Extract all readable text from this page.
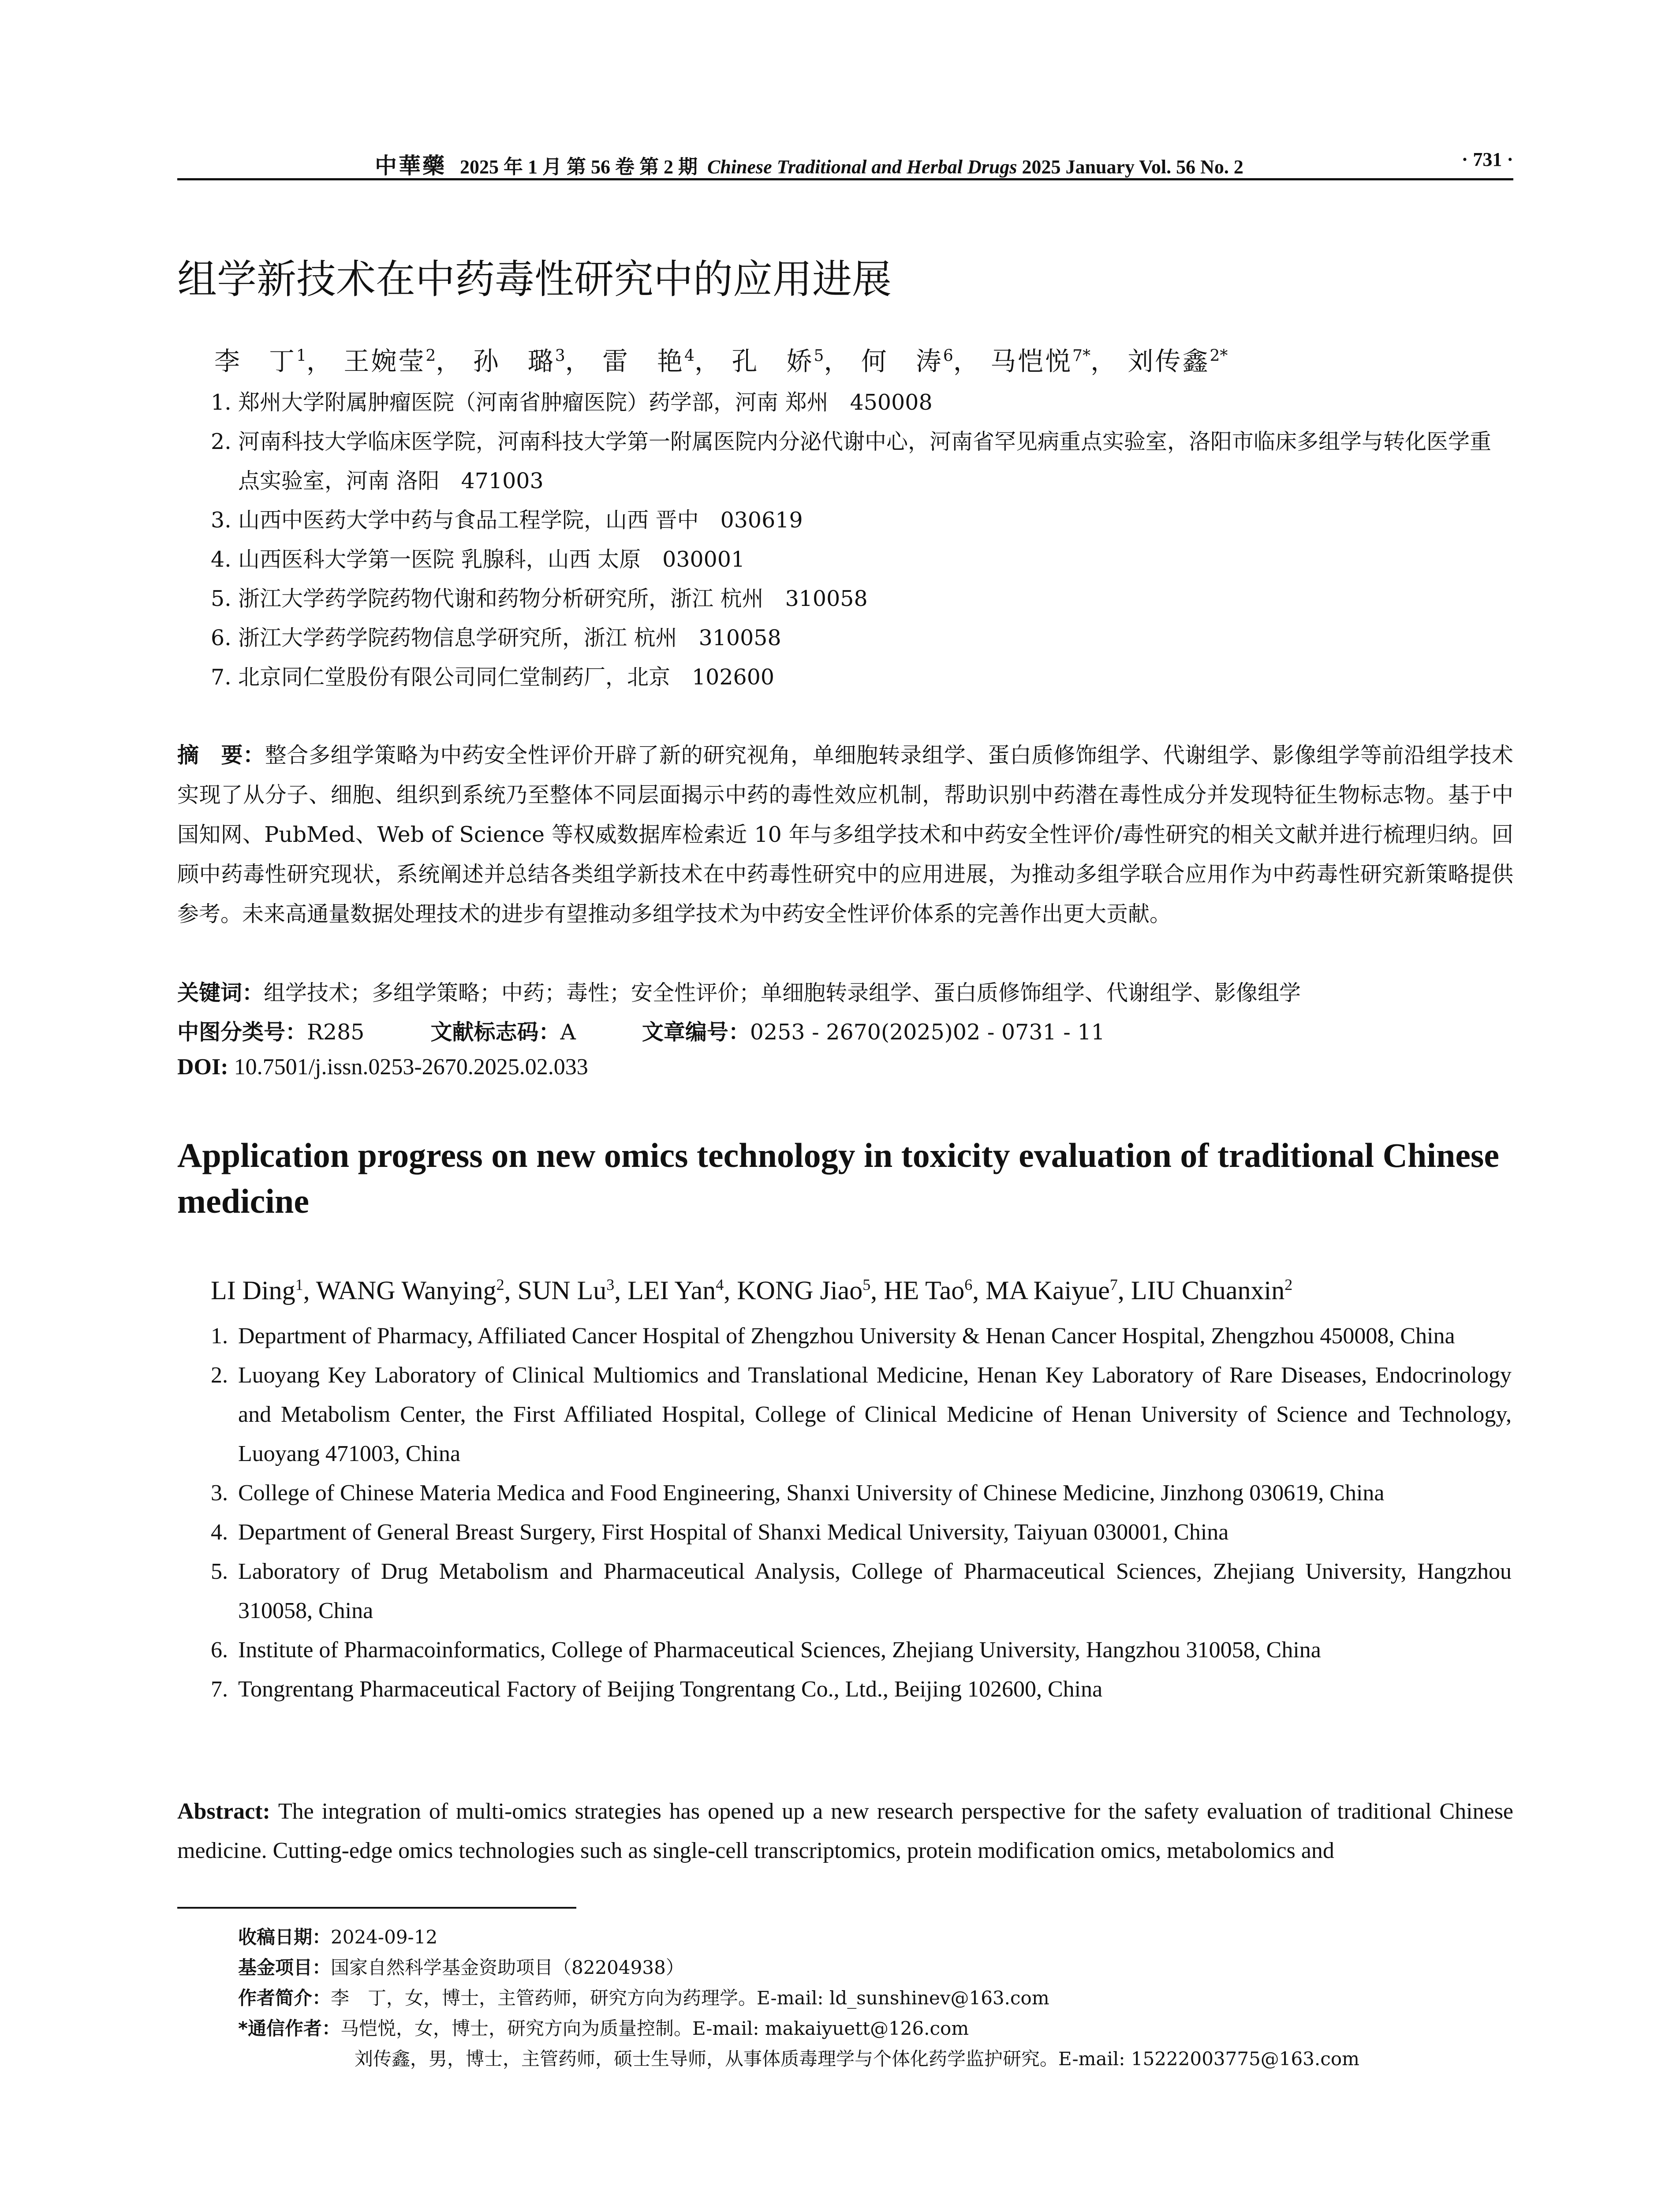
中華藥 2025 年 1 月 第 56 卷 第 2 期 Chinese Traditional and Herbal Drugs 2025 January Vol. 56 No. 2	· 731 ·
组学新技术在中药毒性研究中的应用进展
李　丁$^1$， 王婉莹$^2$， 孙　璐$^3$， 雷　艳$^4$， 孔　娇$^5$， 何　涛$^6$， 马恺悦$^{7*}$， 刘传鑫$^{2*}$
1. 郑州大学附属肿瘤医院（河南省肿瘤医院）药学部，河南 郑州　450008
2. 河南科技大学临床医学院，河南科技大学第一附属医院内分泌代谢中心，河南省罕见病重点实验室，洛阳市临床多组学与转化医学重点实验室，河南 洛阳　471003
3. 山西中医药大学中药与食品工程学院，山西 晋中　030619
4. 山西医科大学第一医院 乳腺科，山西 太原　030001
5. 浙江大学药学院药物代谢和药物分析研究所，浙江 杭州　310058
6. 浙江大学药学院药物信息学研究所，浙江 杭州　310058
7. 北京同仁堂股份有限公司同仁堂制药厂，北京　102600
摘　要：整合多组学策略为中药安全性评价开辟了新的研究视角，单细胞转录组学、蛋白质修饰组学、代谢组学、影像组学等前沿组学技术实现了从分子、细胞、组织到系统乃至整体不同层面揭示中药的毒性效应机制，帮助识别中药潜在毒性成分并发现特征生物标志物。基于中国知网、PubMed、Web of Science 等权威数据库检索近 10 年与多组学技术和中药安全性评价/毒性研究的相关文献并进行梳理归纳。回顾中药毒性研究现状，系统阐述并总结各类组学新技术在中药毒性研究中的应用进展，为推动多组学联合应用作为中药毒性研究新策略提供参考。未来高通量数据处理技术的进步有望推动多组学技术为中药安全性评价体系的完善作出更大贡献。
关键词：组学技术；多组学策略；中药；毒性；安全性评价；单细胞转录组学、蛋白质修饰组学、代谢组学、影像组学
中图分类号：R285	文献标志码：A	文章编号：0253 - 2670(2025)02 - 0731 - 11
DOI: 10.7501/j.issn.0253-2670.2025.02.033
Application progress on new omics technology in toxicity evaluation of traditional Chinese medicine
LI Ding$^1$, WANG Wanying$^2$, SUN Lu$^3$, LEI Yan$^4$, KONG Jiao$^5$, HE Tao$^6$, MA Kaiyue$^7$, LIU Chuanxin$^2$
1. Department of Pharmacy, Affiliated Cancer Hospital of Zhengzhou University & Henan Cancer Hospital, Zhengzhou 450008, China
2. Luoyang Key Laboratory of Clinical Multiomics and Translational Medicine, Henan Key Laboratory of Rare Diseases, Endocrinology and Metabolism Center, the First Affiliated Hospital, College of Clinical Medicine of Henan University of Science and Technology, Luoyang 471003, China
3. College of Chinese Materia Medica and Food Engineering, Shanxi University of Chinese Medicine, Jinzhong 030619, China
4. Department of General Breast Surgery, First Hospital of Shanxi Medical University, Taiyuan 030001, China
5. Laboratory of Drug Metabolism and Pharmaceutical Analysis, College of Pharmaceutical Sciences, Zhejiang University, Hangzhou 310058, China
6. Institute of Pharmacoinformatics, College of Pharmaceutical Sciences, Zhejiang University, Hangzhou 310058, China
7. Tongrentang Pharmaceutical Factory of Beijing Tongrentang Co., Ltd., Beijing 102600, China
Abstract: The integration of multi-omics strategies has opened up a new research perspective for the safety evaluation of traditional Chinese medicine. Cutting-edge omics technologies such as single-cell transcriptomics, protein modification omics, metabolomics and
收稿日期：2024-09-12
基金项目：国家自然科学基金资助项目（82204938）
作者简介：李　丁，女，博士，主管药师，研究方向为药理学。E-mail: ld_sunshinev@163.com
*通信作者：马恺悦，女，博士，研究方向为质量控制。E-mail: makaiyuett@126.com
刘传鑫，男，博士，主管药师，硕士生导师，从事体质毒理学与个体化药学监护研究。E-mail: 15222003775@163.com
